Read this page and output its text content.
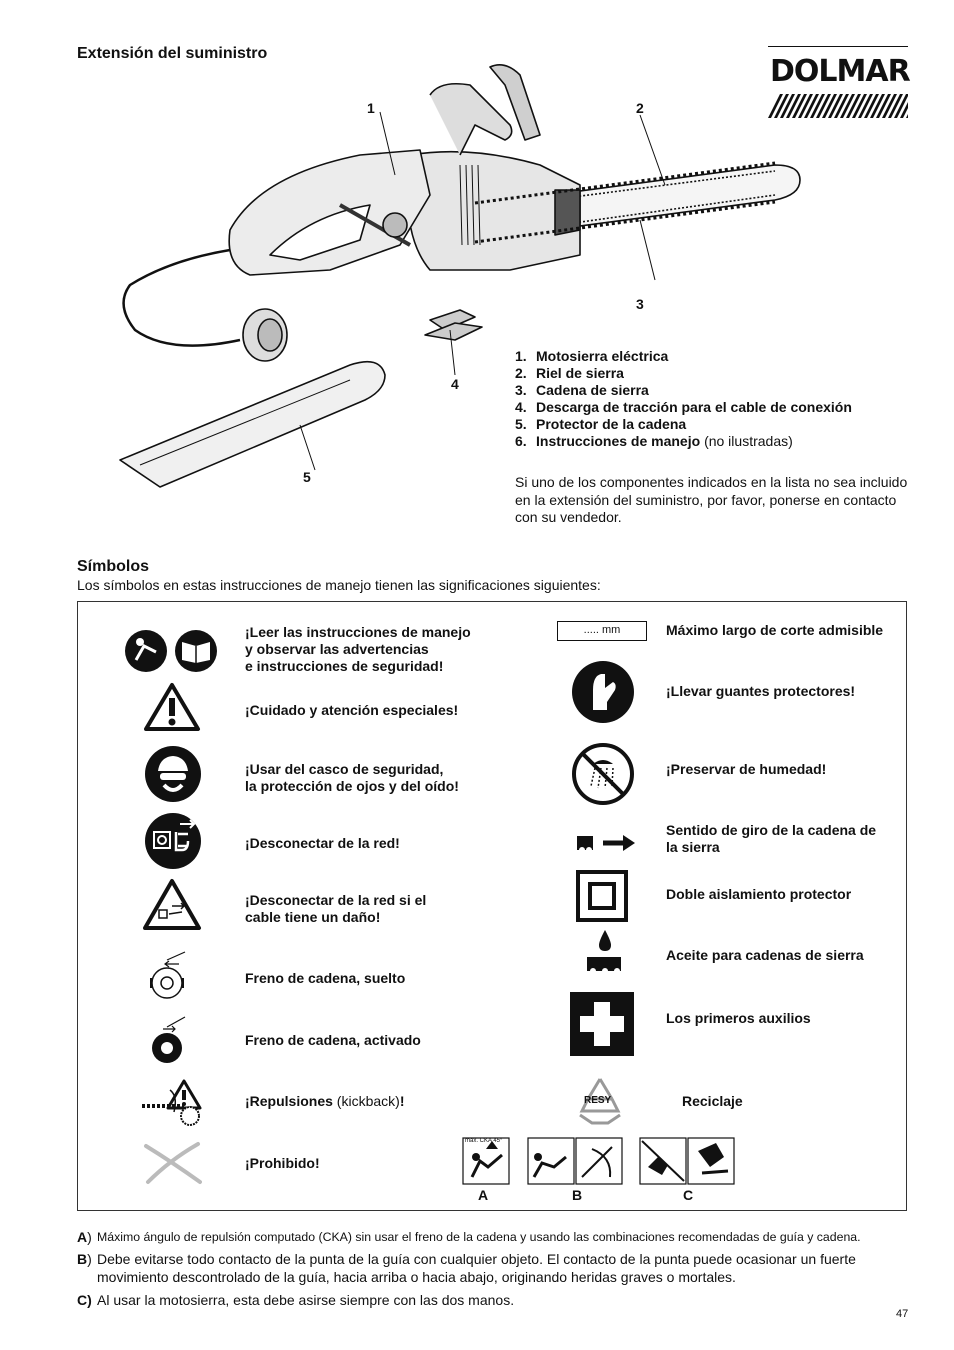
Extensión del suministro
DOLMAR
1	2
3
4
5
1. Motosierra eléctrica
2. Riel de sierra
3. Cadena de sierra
4. Descarga de tracción para el cable de conexión
5. Protector de la cadena
6. Instrucciones de manejo
(no ilustradas)
Si uno de los componentes indicados en la lista no sea incluido en la extensión del suministro, por favor, ponerse en contacto con su vendedor.
Símbolos
Los símbolos en estas instrucciones de manejo tienen las significaciones siguientes:
¡Leer las instrucciones de manejo
y observar las advertencias
e instrucciones de seguridad!
¡Cuidado y atención especiales!
¡Usar del casco de seguridad,
la protección de ojos y del oído!
¡Desconectar de la red!
¡Desconectar de la red si el
cable tiene un daño!
Freno de cadena, suelto
Freno de cadena, activado
¡Repulsiones (kickback)!
¡Prohibido!
..... mm
RESY
Máximo largo de corte admisible
¡Llevar guantes protectores!
¡Preservar de humedad!
Sentido de giro de la cadena de
la sierra
Doble aislamiento protector
Aceite para cadenas de sierra
Los primeros auxilios
Reciclaje
max. CKA 45°
A	B	C
A) Máximo ángulo de repulsión computado (CKA) sin usar el freno de la cadena y usando las combinaciones recomendadas de guía y cadena.
B) Debe evitarse todo contacto de la punta de la guía con cualquier objeto. El contacto de la punta puede ocasionar un fuerte
movimiento descontrolado de la guía, hacia arriba o hacia abajo, originando heridas graves o mortales.
C) Al usar la motosierra, esta debe asirse siempre con las dos manos.
47
